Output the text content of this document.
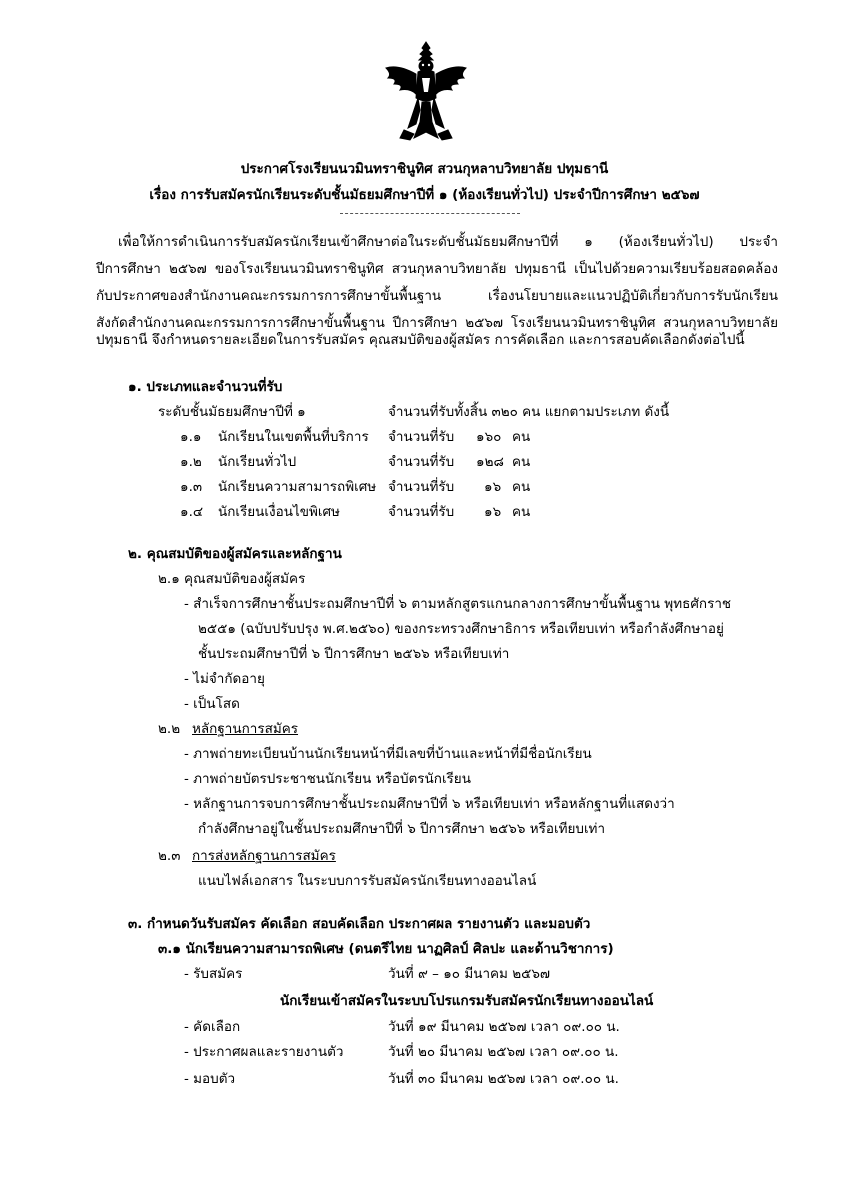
ประกาศโรงเรียนนวมินทราชินูทิศ สวนกุหลาบวิทยาลัย ปทุมธานี
เรื่อง การรับสมัครนักเรียนระดับชั้นมัธยมศึกษาปีที่ ๑ (ห้องเรียนทั่วไป) ประจำปีการศึกษา ๒๕๖๗
เพื่อให้การดำเนินการรับสมัครนักเรียนเข้าศึกษาต่อในระดับชั้นมัธยมศึกษาปีที่ ๑ (ห้องเรียนทั่วไป) ประจำ
ปีการศึกษา ๒๕๖๗ ของโรงเรียนนวมินทราชินูทิศ สวนกุหลาบวิทยาลัย ปทุมธานี เป็นไปด้วยความเรียบร้อยสอดคล้อง
กับประกาศของสำนักงานคณะกรรมการการศึกษาขั้นพื้นฐาน เรื่องนโยบายและแนวปฏิบัติเกี่ยวกับการรับนักเรียน
สังกัดสำนักงานคณะกรรมการการศึกษาขั้นพื้นฐาน ปีการศึกษา ๒๕๖๗ โรงเรียนนวมินทราชินูทิศ สวนกุหลาบวิทยาลัย
ปทุมธานี จึงกำหนดรายละเอียดในการรับสมัคร คุณสมบัติของผู้สมัคร การคัดเลือก และการสอบคัดเลือกดังต่อไปนี้
๑. ประเภทและจำนวนที่รับ
ระดับชั้นมัธยมศึกษาปีที่ ๑	จำนวนที่รับทั้งสิ้น ๓๒๐ คน แยกตามประเภท ดังนี้
๑.๑ นักเรียนในเขตพื้นที่บริการ จำนวนที่รับ ๑๖๐ คน
๑.๒ นักเรียนทั่วไป	จำนวนที่รับ ๑๒๘ คน
๑.๓ นักเรียนความสามารถพิเศษ จำนวนที่รับ ๑๖ คน
๑.๔ นักเรียนเงื่อนไขพิเศษ	จำนวนที่รับ ๑๖ คน
๒. คุณสมบัติของผู้สมัครและหลักฐาน
๒.๑ คุณสมบัติของผู้สมัคร
- สำเร็จการศึกษาชั้นประถมศึกษาปีที่ ๖ ตามหลักสูตรแกนกลางการศึกษาขั้นพื้นฐาน พุทธศักราช
๒๕๕๑ (ฉบับปรับปรุง พ.ศ.๒๕๖๐) ของกระทรวงศึกษาธิการ หรือเทียบเท่า หรือกำลังศึกษาอยู่
ชั้นประถมศึกษาปีที่ ๖ ปีการศึกษา ๒๕๖๖ หรือเทียบเท่า
- ไม่จำกัดอายุ
- เป็นโสด
๒.๒ หลักฐานการสมัคร
- ภาพถ่ายทะเบียนบ้านนักเรียนหน้าที่มีเลขที่บ้านและหน้าที่มีชื่อนักเรียน
- ภาพถ่ายบัตรประชาชนนักเรียน หรือบัตรนักเรียน
- หลักฐานการจบการศึกษาชั้นประถมศึกษาปีที่ ๖ หรือเทียบเท่า หรือหลักฐานที่แสดงว่า
กำลังศึกษาอยู่ในชั้นประถมศึกษาปีที่ ๖ ปีการศึกษา ๒๕๖๖ หรือเทียบเท่า
๒.๓ การส่งหลักฐานการสมัคร
แนบไฟล์เอกสาร ในระบบการรับสมัครนักเรียนทางออนไลน์
๓. กำหนดวันรับสมัคร คัดเลือก สอบคัดเลือก ประกาศผล รายงานตัว และมอบตัว
๓.๑ นักเรียนความสามารถพิเศษ (ดนตรีไทย นาฏศิลป์ ศิลปะ และด้านวิชาการ)
- รับสมัคร	วันที่ ๙ – ๑๐ มีนาคม ๒๕๖๗
นักเรียนเข้าสมัครในระบบโปรแกรมรับสมัครนักเรียนทางออนไลน์
- คัดเลือก	วันที่ ๑๙ มีนาคม ๒๕๖๗ เวลา ๐๙.๐๐ น.
- ประกาศผลและรายงานตัว	วันที่ ๒๐ มีนาคม ๒๕๖๗ เวลา ๐๙.๐๐ น.
- มอบตัว	วันที่ ๓๐ มีนาคม ๒๕๖๗ เวลา ๐๙.๐๐ น.
